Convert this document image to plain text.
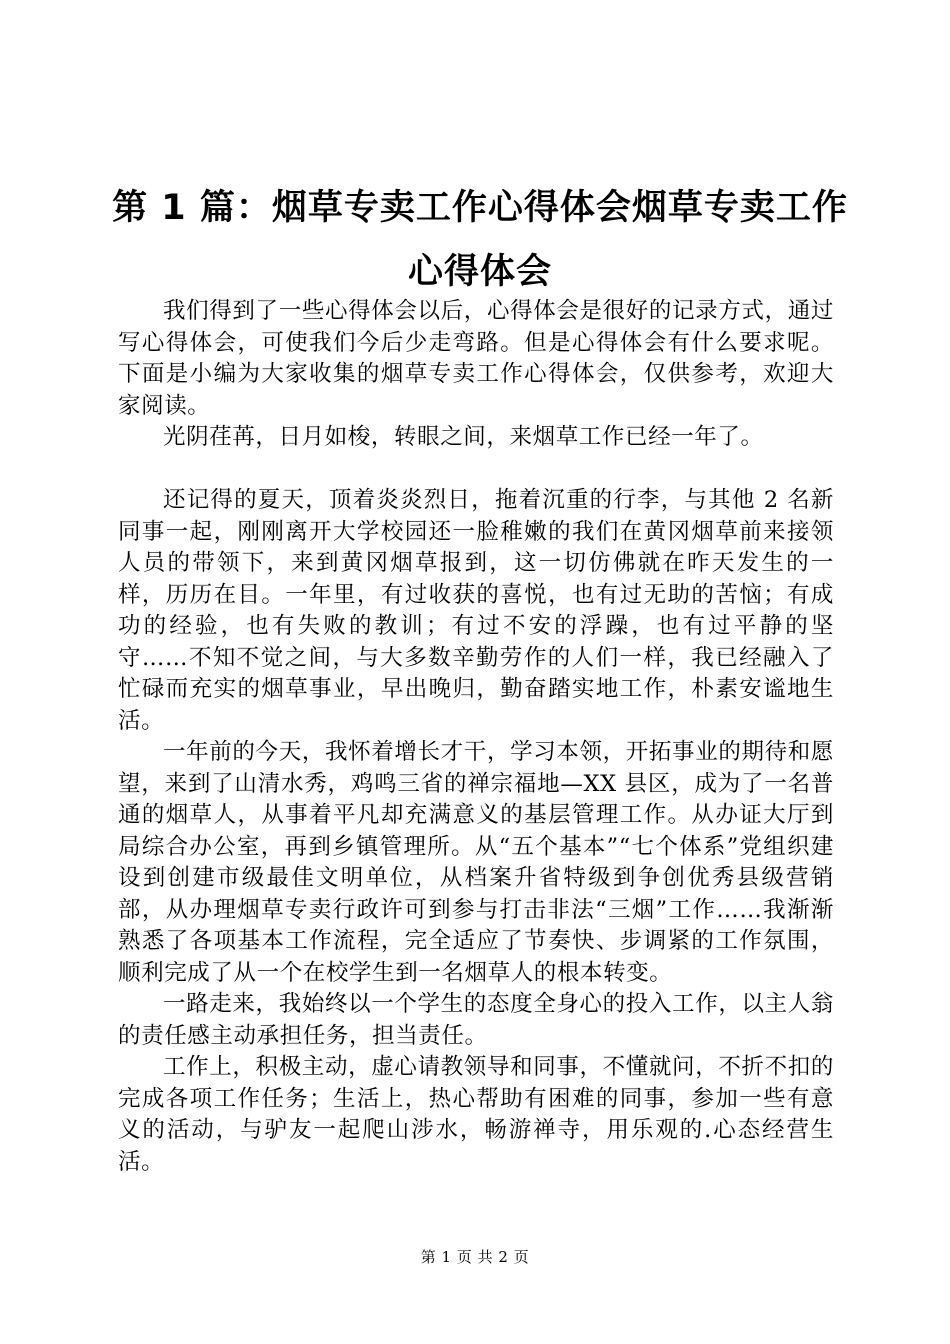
第 1 篇：烟草专卖工作心得体会烟草专卖工作
心得体会

我们得到了一些心得体会以后，心得体会是很好的记录方式，通过写心得体会，可使我们今后少走弯路。但是心得体会有什么要求呢。下面是小编为大家收集的烟草专卖工作心得体会，仅供参考，欢迎大家阅读。

光阴荏苒，日月如梭，转眼之间，来烟草工作已经一年了。

还记得的夏天，顶着炎炎烈日，拖着沉重的行李，与其他 2 名新同事一起，刚刚离开大学校园还一脸稚嫩的我们在黄冈烟草前来接领人员的带领下，来到黄冈烟草报到，这一切仿佛就在昨天发生的一样，历历在目。一年里，有过收获的喜悦，也有过无助的苦恼；有成功的经验，也有失败的教训；有过不安的浮躁，也有过平静的坚守……不知不觉之间，与大多数辛勤劳作的人们一样，我已经融入了忙碌而充实的烟草事业，早出晚归，勤奋踏实地工作，朴素安谧地生活。

一年前的今天，我怀着增长才干，学习本领，开拓事业的期待和愿望，来到了山清水秀，鸡鸣三省的禅宗福地—XX 县区，成为了一名普通的烟草人，从事着平凡却充满意义的基层管理工作。从办证大厅到局综合办公室，再到乡镇管理所。从“五个基本”“七个体系”党组织建设到创建市级最佳文明单位，从档案升省特级到争创优秀县级营销部，从办理烟草专卖行政许可到参与打击非法“三烟”工作……我渐渐熟悉了各项基本工作流程，完全适应了节奏快、步调紧的工作氛围，顺利完成了从一个在校学生到一名烟草人的根本转变。

一路走来，我始终以一个学生的态度全身心的投入工作，以主人翁的责任感主动承担任务，担当责任。

工作上，积极主动，虚心请教领导和同事，不懂就问，不折不扣的完成各项工作任务；生活上，热心帮助有困难的同事，参加一些有意义的活动，与驴友一起爬山涉水，畅游禅寺，用乐观的.心态经营生活。

第 1 页 共 2 页
